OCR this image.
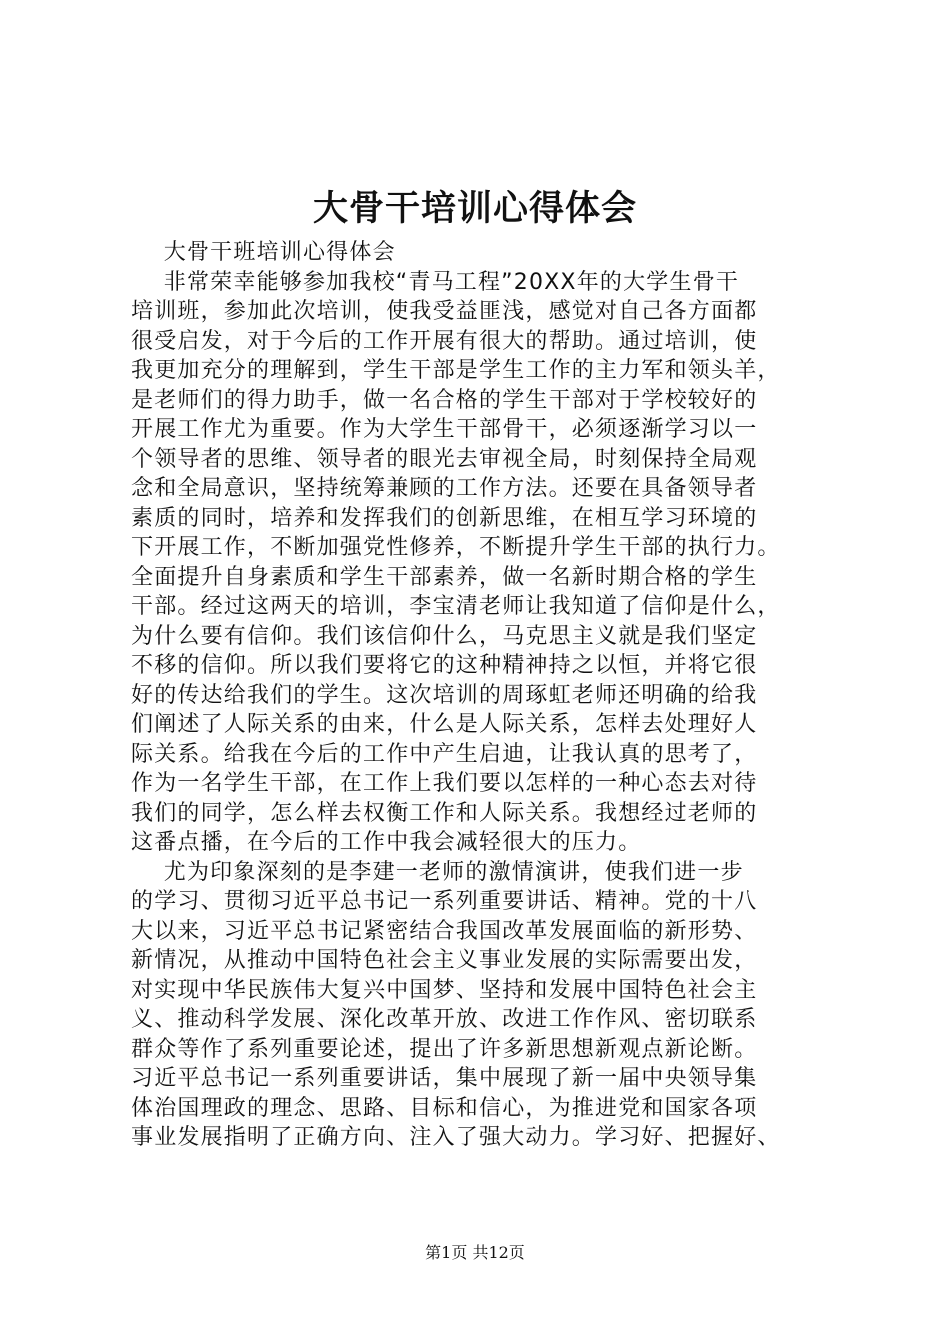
大骨干培训心得体会
大骨干班培训心得体会
非常荣幸能够参加我校“青马工程”20XX年的大学生骨干
培训班，参加此次培训，使我受益匪浅，感觉对自己各方面都
很受启发，对于今后的工作开展有很大的帮助。通过培训，使
我更加充分的理解到，学生干部是学生工作的主力军和领头羊，
是老师们的得力助手，做一名合格的学生干部对于学校较好的
开展工作尤为重要。作为大学生干部骨干，必须逐渐学习以一
个领导者的思维、领导者的眼光去审视全局，时刻保持全局观
念和全局意识，坚持统筹兼顾的工作方法。还要在具备领导者
素质的同时，培养和发挥我们的创新思维，在相互学习环境的
下开展工作，不断加强党性修养，不断提升学生干部的执行力。
全面提升自身素质和学生干部素养，做一名新时期合格的学生
干部。经过这两天的培训，李宝清老师让我知道了信仰是什么，
为什么要有信仰。我们该信仰什么，马克思主义就是我们坚定
不移的信仰。所以我们要将它的这种精神持之以恒，并将它很
好的传达给我们的学生。这次培训的周琢虹老师还明确的给我
们阐述了人际关系的由来，什么是人际关系，怎样去处理好人
际关系。给我在今后的工作中产生启迪，让我认真的思考了，
作为一名学生干部，在工作上我们要以怎样的一种心态去对待
我们的同学，怎么样去权衡工作和人际关系。我想经过老师的
这番点播，在今后的工作中我会减轻很大的压力。
尤为印象深刻的是李建一老师的激情演讲，使我们进一步
的学习、贯彻习近平总书记一系列重要讲话、精神。党的十八
大以来，习近平总书记紧密结合我国改革发展面临的新形势、
新情况，从推动中国特色社会主义事业发展的实际需要出发，
对实现中华民族伟大复兴中国梦、坚持和发展中国特色社会主
义、推动科学发展、深化改革开放、改进工作作风、密切联系
群众等作了系列重要论述，提出了许多新思想新观点新论断。
习近平总书记一系列重要讲话，集中展现了新一届中央领导集
体治国理政的理念、思路、目标和信心，为推进党和国家各项
事业发展指明了正确方向、注入了强大动力。学习好、把握好、
第1页 共12页
